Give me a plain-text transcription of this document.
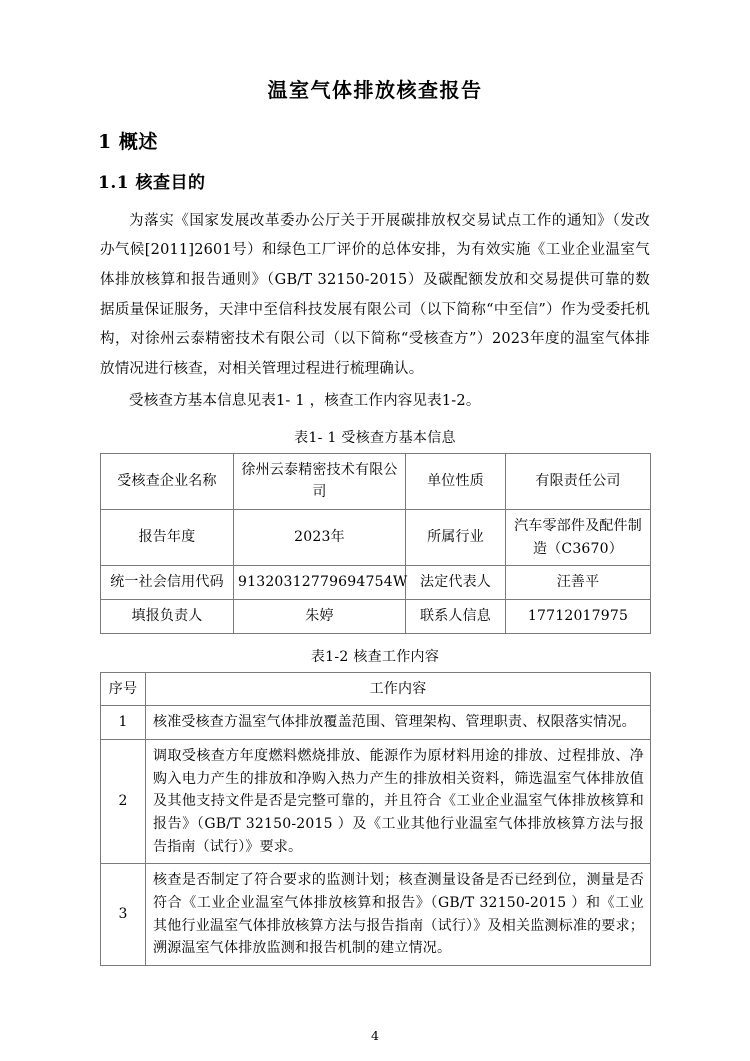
温室气体排放核查报告
1 概述
1.1 核查目的

为落实《国家发展改革委办公厅关于开展碳排放权交易试点工作的通知》（发改办气候[2011]2601号）和绿色工厂评价的总体安排，为有效实施《工业企业温室气体排放核算和报告通则》（GB/T 32150-2015）及碳配额发放和交易提供可靠的数据质量保证服务，天津中至信科技发展有限公司（以下简称“中至信”）作为受委托机构，对徐州云泰精密技术有限公司（以下简称“受核查方”）2023年度的温室气体排放情况进行核查，对相关管理过程进行梳理确认。

受核查方基本信息见表1- 1 ，核查工作内容见表1-2。

表1- 1 受核查方基本信息

受核查企业名称	徐州云泰精密技术有限公司	单位性质	有限责任公司
报告年度	2023年	所属行业	汽车零部件及配件制造（C3670）
统一社会信用代码	91320312779694754W	法定代表人	汪善平
填报负责人	朱婷	联系人信息	17712017975

表1-2 核查工作内容

序号	工作内容
1	核准受核查方温室气体排放覆盖范围、管理架构、管理职责、权限落实情况。
2	调取受核查方年度燃料燃烧排放、能源作为原材料用途的排放、过程排放、净购入电力产生的排放和净购入热力产生的排放相关资料，筛选温室气体排放值及其他支持文件是否是完整可靠的，并且符合《工业企业温室气体排放核算和报告》（GB/T 32150-2015 ）及《工业其他行业温室气体排放核算方法与报告指南（试行）》要求。
3	核查是否制定了符合要求的监测计划；核查测量设备是否已经到位，测量是否符合《工业企业温室气体排放核算和报告》（GB/T 32150-2015 ）和《工业其他行业温室气体排放核算方法与报告指南（试行）》及相关监测标准的要求；溯源温室气体排放监测和报告机制的建立情况。
4
